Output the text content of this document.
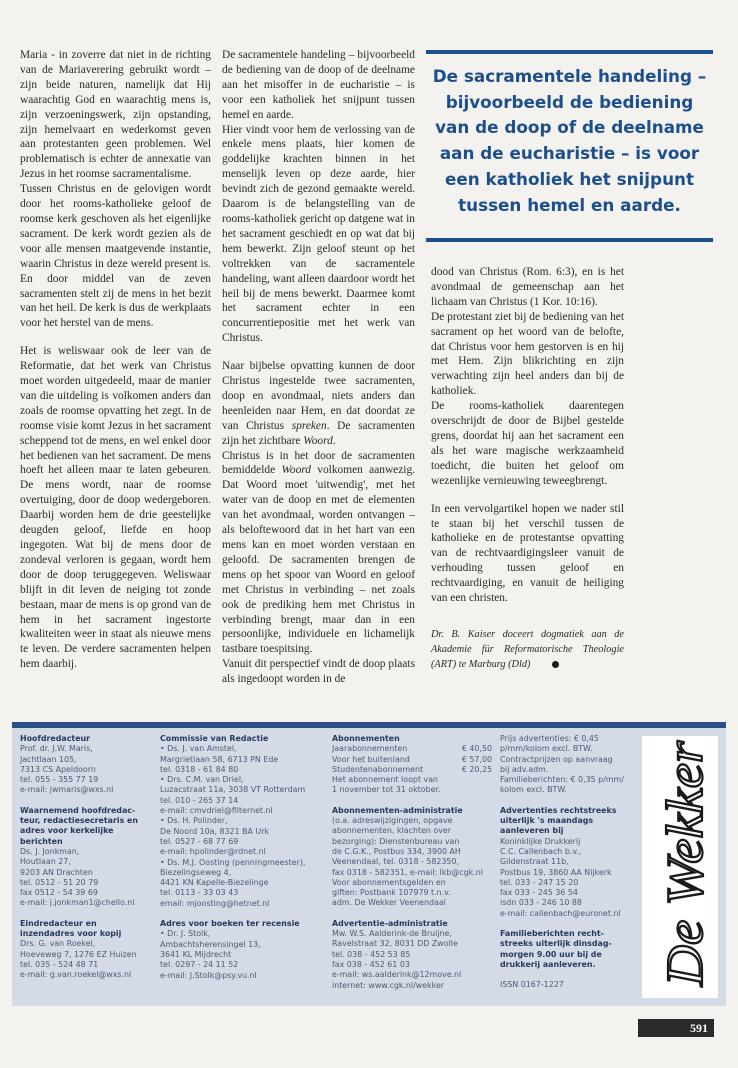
Maria - in zoverre dat niet in de richting van de Mariaverering gebruikt wordt – zijn beide naturen, namelijk dat Hij waarachtig God en waarachtig mens is, zijn verzoeningswerk, zijn opstanding, zijn hemelvaart en wederkomst geven aan protestanten geen problemen. Wel problematisch is echter de annexatie van Jezus in het roomse sacramentalisme.

Tussen Christus en de gelovigen wordt door het rooms-katholieke geloof de roomse kerk geschoven als het eigenlijke sacrament. De kerk wordt gezien als de voor alle mensen maatgevende instantie, waarin Christus in deze wereld present is. En door middel van de zeven sacramenten stelt zij de mens in het bezit van het heil. De kerk is dus de werkplaats voor het herstel van de mens.

Het is weliswaar ook de leer van de Reformatie, dat het werk van Christus moet worden uitgedeeld, maar de manier van die uitdeling is volkomen anders dan zoals de roomse opvatting het zegt. In de roomse visie komt Jezus in het sacrament scheppend tot de mens, en wel enkel door het bedienen van het sacrament. De mens hoeft het alleen maar te laten gebeuren. De mens wordt, naar de roomse overtuiging, door de doop wedergeboren. Daarbij worden hem de drie geestelijke deugden geloof, liefde en hoop ingegoten. Wat bij de mens door de zondeval verloren is gegaan, wordt hem door de doop teruggegeven. Weliswaar blijft in dit leven de neiging tot zonde bestaan, maar de mens is op grond van de hem in het sacrament ingestorte kwaliteiten weer in staat als nieuwe mens te leven. De verdere sacramenten helpen hem daarbij.

De sacramentele handeling – bijvoorbeeld de bediening van de doop of de deelname aan het misoffer in de eucharistie – is voor een katholiek het snijpunt tussen hemel en aarde.

Hier vindt voor hem de verlossing van de enkele mens plaats, hier komen de goddelijke krachten binnen in het menselijk leven op deze aarde, hier bevindt zich de gezond gemaakte wereld. Daarom is de belangstelling van de rooms-katholiek gericht op datgene wat in het sacrament geschiedt en op wat dat bij hem bewerkt. Zijn geloof steunt op het voltrekken van de sacramentele handeling, want alleen daardoor wordt het heil bij de mens bewerkt. Daarmee komt het sacrament echter in een concurrentiepositie met het werk van Christus.

Naar bijbelse opvatting kunnen de door Christus ingestelde twee sacramenten, doop en avondmaal, niets anders dan heenleiden naar Hem, en dat doordat ze van Christus spreken. De sacramenten zijn het zichtbare Woord.

Christus is in het door de sacramenten bemiddelde Woord volkomen aanwezig. Dat Woord moet 'uitwendig', met het water van de doop en met de elementen van het avondmaal, worden ontvangen – als beloftewoord dat in het hart van een mens kan en moet worden verstaan en geloofd. De sacramenten brengen de mens op het spoor van Woord en geloof met Christus in verbinding – net zoals ook de prediking hem met Christus in verbinding brengt, maar dan in een persoonlijke, individuele en lichamelijk tastbare toespitsing.

Vanuit dit perspectief vindt de doop plaats als ingedoopt worden in de

De sacramentele handeling – bijvoorbeeld de bediening van de doop of de deelname aan de eucharistie – is voor een katholiek het snijpunt tussen hemel en aarde.

dood van Christus (Rom. 6:3), en is het avondmaal de gemeenschap aan het lichaam van Christus (1 Kor. 10:16).

De protestant ziet bij de bediening van het sacrament op het woord van de belofte, dat Christus voor hem gestorven is en hij met Hem. Zijn blikrichting en zijn verwachting zijn heel anders dan bij de katholiek.

De rooms-katholiek daarentegen overschrijdt de door de Bijbel gestelde grens, doordat hij aan het sacrament een als het ware magische werkzaamheid toedicht, die buiten het geloof om wezenlijke vernieuwing teweegbrengt.

In een vervolgartikel hopen we nader stil te staan bij het verschil tussen de katholieke en de protestantse opvatting van de rechtvaardigingsleer vanuit de verhouding tussen geloof en rechtvaardiging, en vanuit de heiliging van een christen.

Dr. B. Kaiser doceert dogmatiek aan de Akademie für Reformatorische Theologie (ART) te Marburg (Dld)

Hoofdredacteur
Prof. dr. J.W. Maris,
Jachtlaan 105,
7313 CS Apeldoorn
tel. 055 - 355 77 19
e-mail: jwmaris@wxs.nl
Waarnemend hoofdredac-
teur, redactiesecretaris en
adres voor kerkelijke
berichten
Ds. J. Jonkman,
Houtlaan 27,
9203 AN Drachten
tel. 0512 - 51 20 79
fax 0512 - 54 39 69
e-mail: j.jonkman1@chello.nl
Eindredacteur en
inzendadres voor kopij
Drs. G. van Roekel,
Hoeveweg 7, 1276 EZ Huizen
tel. 035 - 524 48 71
e-mail: g.van.roekel@wxs.nl
Commissie van Redactie
• Ds. J. van Amstel,
Margrietlaan 58, 6713 PN Ede
tel. 0318 - 61 84 80
• Drs. C.M. van Driel,
Luzacstraat 11a, 3038 VT Rotterdam
tel. 010 - 265 37 14
e-mail: cmvdriel@filternet.nl
• Ds. H. Polinder,
De Noord 10a, 8321 BA Urk
tel. 0527 - 68 77 69
e-mail: hpolinder@rdnet.nl
• Ds. M.J. Oosting (penningmeester),
Biezelingseweg 4,
4421 KN Kapelle-Biezelinge
tel. 0113 - 33 03 43
email: mjoosting@hetnet.nl
Adres voor boeken ter recensie
• Dr. J. Stolk,
Ambachtsherensingel 13,
3641 KL Mijdrecht
tel. 0297 - 24 11 52
e-mail: J.Stolk@psy.vu.nl
Abonnementen
Jaarabonnementen	€ 40,50
Voor het buitenland	€ 57,00
Studentenabonnement	€ 20,25
Het abonnement loopt van
1 november tot 31 oktober.
Abonnementen-administratie
(o.a. adreswijzigingen, opgave
abonnementen, klachten over
bezorging): Dienstenbureau van
de C.G.K., Postbus 334, 3900 AH
Veenendaal, tel. 0318 - 582350,
fax 0318 - 582351, e-mail: lkb@cgk.nl
Voor abonnementsgelden en
giften: Postbank 107979 t.n.v.
adm. De Wekker Veenendaal
Advertentie-administratie
Mw. W.S. Aalderink-de Bruijne,
Ravelstraat 32, 8031 DD Zwolle
tel. 038 - 452 53 85
fax 038 - 452 61 03
e-mail: ws.aalderink@12move.nl
internet: www.cgk.nl/wekker
Prijs advertenties: € 0,45
p/mm/kolom excl. BTW.
Contractprijzen op aanvraag
bij adv.adm.
Familieberichten: € 0,35 p/mm/
kolom excl. BTW.
Advertenties rechtstreeks
uiterlijk 's maandags
aanleveren bij
Koninklijke Drukkerij
C.C. Callenbach b.v.,
Gildenstraat 11b,
Postbus 19, 3860 AA Nijkerk
tel. 033 - 247 15 20
fax 033 - 245 36 54
isdn 033 - 246 10 88
e-mail: callenbach@euronet.nl
Familieberichten recht-
streeks uiterlijk dinsdag-
morgen 9.00 uur bij de
drukkerij aanleveren.
ISSN 0167-1227	De Wekker
591
